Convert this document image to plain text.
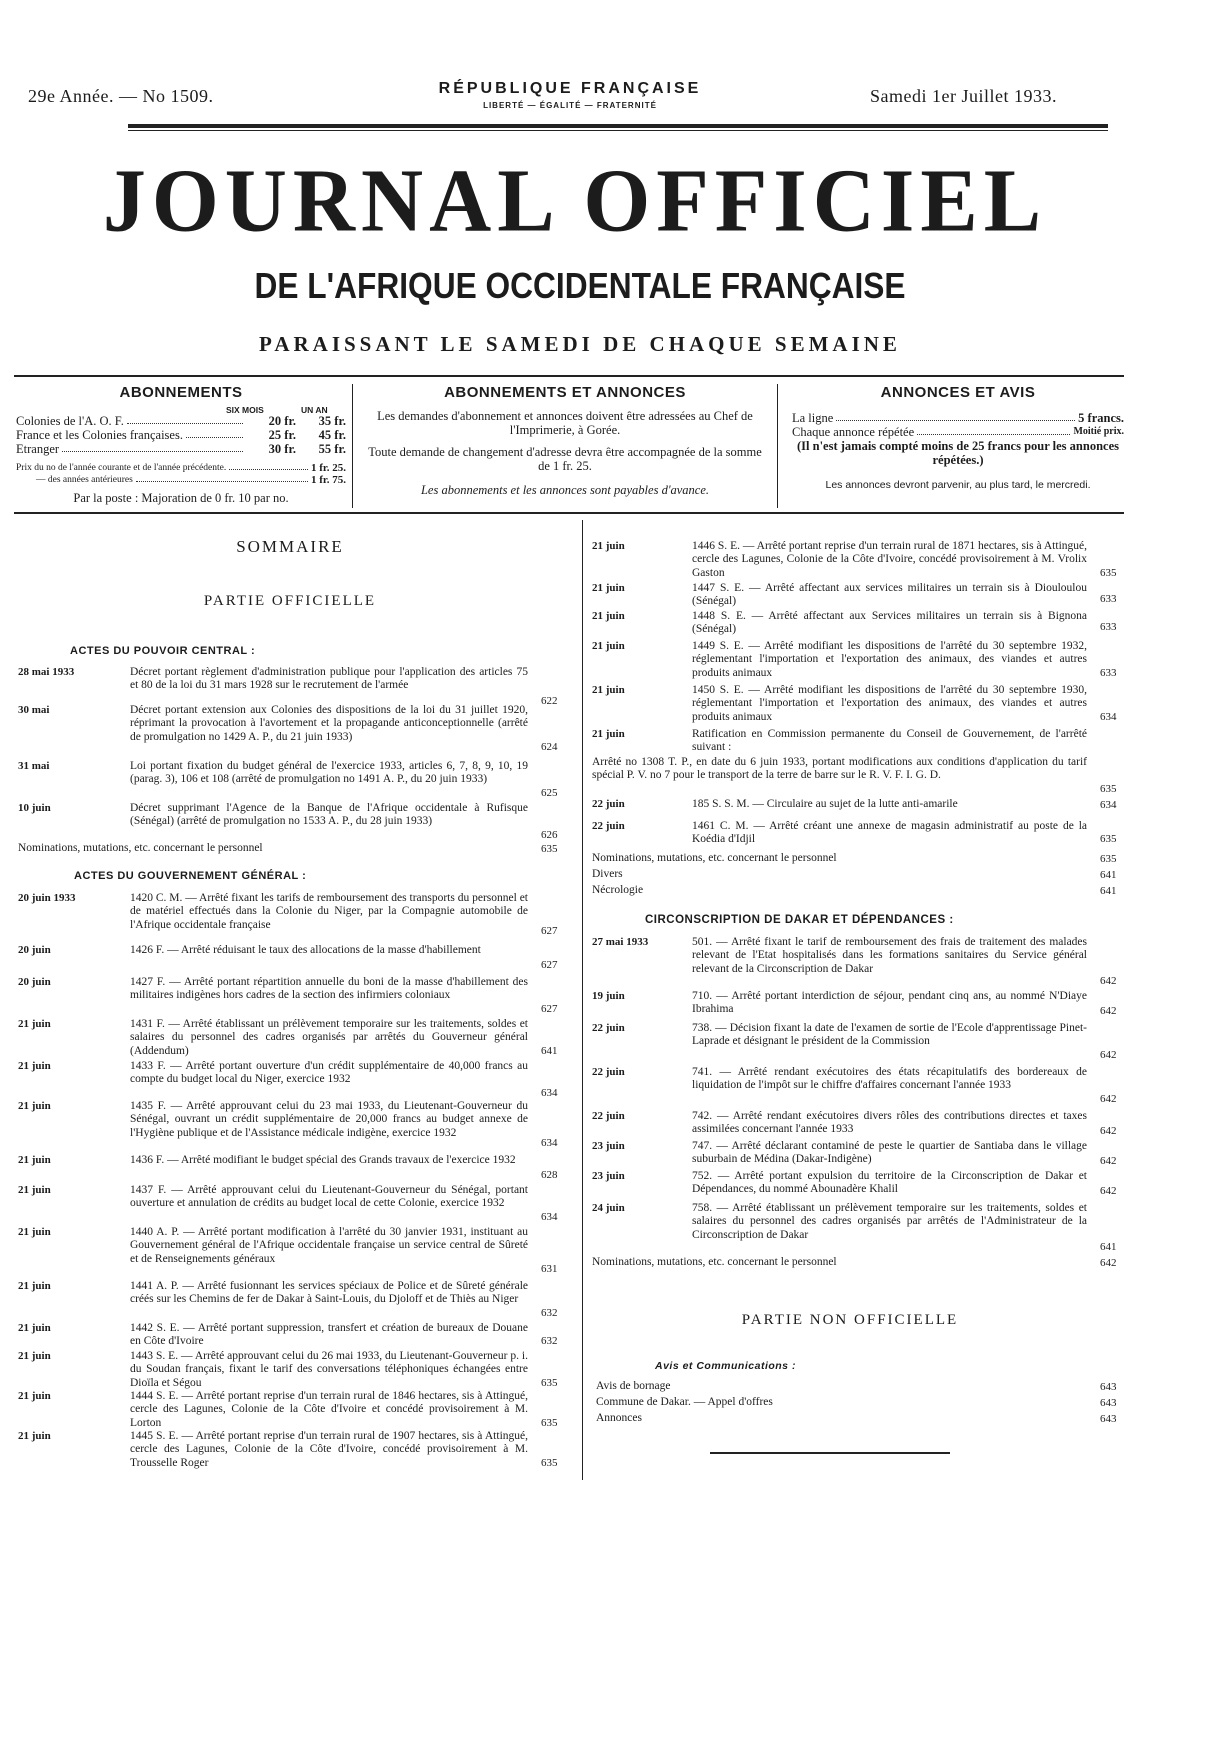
29e Année. — No 1509.	RÉPUBLIQUE FRANÇAISE
LIBERTÉ — ÉGALITÉ — FRATERNITÉ	Samedi 1er Juillet 1933.
JOURNAL OFFICIEL
DE L'AFRIQUE OCCIDENTALE FRANÇAISE
PARAISSANT LE SAMEDI DE CHAQUE SEMAINE
ABONNEMENTS
SIX MOIS	UN AN
Colonies de l'A. O. F.	20 fr.	35 fr.
France et les Colonies françaises.	25 fr.	45 fr.
Etranger	30 fr.	55 fr.
Prix du no de l'année courante et de l'année précédente.	1 fr. 25.
— des années antérieures	1 fr. 75.
Par la poste : Majoration de 0 fr. 10 par no.
ABONNEMENTS ET ANNONCES
Les demandes d'abonnement et annonces doivent être adressées au Chef de l'Imprimerie, à Gorée.
Toute demande de changement d'adresse devra être accompagnée de la somme de 1 fr. 25.
Les abonnements et les annonces sont payables d'avance.
ANNONCES ET AVIS
La ligne	5 francs.
Chaque annonce répétée	Moitié prix.
(Il n'est jamais compté moins de 25 francs pour les annonces répétées.)
Les annonces devront parvenir, au plus tard, le mercredi.
SOMMAIRE
PARTIE OFFICIELLE
ACTES DU POUVOIR CENTRAL :
ACTES DU GOUVERNEMENT GÉNÉRAL :
28 mai 1933	Décret portant règlement d'administration publique pour l'application des articles 75 et 80 de la loi du 31 mars 1928 sur le recrutement de l'armée
622
30 mai	Décret portant extension aux Colonies des dispositions de la loi du 31 juillet 1920, réprimant la provocation à l'avortement et la propagande anticonceptionnelle (arrêté de promulgation no 1429 A. P., du 21 juin 1933)
624
31 mai	Loi portant fixation du budget général de l'exercice 1933, articles 6, 7, 8, 9, 10, 19 (parag. 3), 106 et 108 (arrêté de promulgation no 1491 A. P., du 20 juin 1933)
625
10 juin	Décret supprimant l'Agence de la Banque de l'Afrique occidentale à Rufisque (Sénégal) (arrêté de promulgation no 1533 A. P., du 28 juin 1933)
626
Nominations, mutations, etc. concernant le personnel	635
20 juin 1933	1420 C. M. — Arrêté fixant les tarifs de remboursement des transports du personnel et de matériel effectués dans la Colonie du Niger, par la Compagnie automobile de l'Afrique occidentale française	627
20 juin	1426 F. — Arrêté réduisant le taux des allocations de la masse d'habillement
627
20 juin	1427 F. — Arrêté portant répartition annuelle du boni de la masse d'habillement des militaires indigènes hors cadres de la section des infirmiers coloniaux
627
21 juin	1431 F. — Arrêté établissant un prélèvement temporaire sur les traitements, soldes et salaires du personnel des cadres organisés par arrêtés du Gouverneur général (Addendum)	641
21 juin	1433 F. — Arrêté portant ouverture d'un crédit supplémentaire de 40,000 francs au compte du budget local du Niger, exercice 1932
634
21 juin	1435 F. — Arrêté approuvant celui du 23 mai 1933, du Lieutenant-Gouverneur du Sénégal, ouvrant un crédit supplémentaire de 20,000 francs au budget annexe de l'Hygiène publique et de l'Assistance médicale indigène, exercice 1932
634
21 juin	1436 F. — Arrêté modifiant le budget spécial des Grands travaux de l'exercice 1932
628
21 juin	1437 F. — Arrêté approuvant celui du Lieutenant-Gouverneur du Sénégal, portant ouverture et annulation de crédits au budget local de cette Colonie, exercice 1932
634
21 juin	1440 A. P. — Arrêté portant modification à l'arrêté du 30 janvier 1931, instituant au Gouvernement général de l'Afrique occidentale française un service central de Sûreté et de Renseignements généraux
631
21 juin	1441 A. P. — Arrêté fusionnant les services spéciaux de Police et de Sûreté générale créés sur les Chemins de fer de Dakar à Saint-Louis, du Djoloff et de Thiès au Niger
632
21 juin	1442 S. E. — Arrêté portant suppression, transfert et création de bureaux de Douane en Côte d'Ivoire	632
21 juin	1443 S. E. — Arrêté approuvant celui du 26 mai 1933, du Lieutenant-Gouverneur p. i. du Soudan français, fixant le tarif des conversations téléphoniques échangées entre Dioïla et Ségou	635
21 juin	1444 S. E. — Arrêté portant reprise d'un terrain rural de 1846 hectares, sis à Attingué, cercle des Lagunes, Colonie de la Côte d'Ivoire et concédé provisoirement à M. Lorton	635
21 juin	1445 S. E. — Arrêté portant reprise d'un terrain rural de 1907 hectares, sis à Attingué, cercle des Lagunes, Colonie de la Côte d'Ivoire, concédé provisoirement à M. Trousselle Roger	635
21 juin	1446 S. E. — Arrêté portant reprise d'un terrain rural de 1871 hectares, sis à Attingué, cercle des Lagunes, Colonie de la Côte d'Ivoire, concédé provisoirement à M. Vrolix Gaston	635
21 juin	1447 S. E. — Arrêté affectant aux services militaires un terrain sis à Diouloulou (Sénégal)	633
21 juin	1448 S. E. — Arrêté affectant aux Services militaires un terrain sis à Bignona (Sénégal)	633
21 juin	1449 S. E. — Arrêté modifiant les dispositions de l'arrêté du 30 septembre 1932, réglementant l'importation et l'exportation des animaux, des viandes et autres produits animaux	633
21 juin	1450 S. E. — Arrêté modifiant les dispositions de l'arrêté du 30 septembre 1930, réglementant l'importation et l'exportation des animaux, des viandes et autres produits animaux	634
21 juin	Ratification en Commission permanente du Conseil de Gouvernement, de l'arrêté suivant :
Arrêté no 1308 T. P., en date du 6 juin 1933, portant modifications aux conditions d'application du tarif spécial P. V. no 7 pour le transport de la terre de barre sur le R. V. F. I. G. D.
635
22 juin	185 S. S. M. — Circulaire au sujet de la lutte anti-amarile	634
22 juin	1461 C. M. — Arrêté créant une annexe de magasin administratif au poste de la Koédia d'Idjil	635
Nominations, mutations, etc. concernant le personnel	635
Divers	641
Nécrologie	641
CIRCONSCRIPTION DE DAKAR ET DÉPENDANCES :
27 mai 1933	501. — Arrêté fixant le tarif de remboursement des frais de traitement des malades relevant de l'Etat hospitalisés dans les formations sanitaires du Service général relevant de la Circonscription de Dakar
642
19 juin	710. — Arrêté portant interdiction de séjour, pendant cinq ans, au nommé N'Diaye Ibrahima	642
22 juin	738. — Décision fixant la date de l'examen de sortie de l'Ecole d'apprentissage Pinet-Laprade et désignant le président de la Commission
642
22 juin	741. — Arrêté rendant exécutoires des états récapitulatifs des bordereaux de liquidation de l'impôt sur le chiffre d'affaires concernant l'année 1933
642
22 juin	742. — Arrêté rendant exécutoires divers rôles des contributions directes et taxes assimilées concernant l'année 1933	642
23 juin	747. — Arrêté déclarant contaminé de peste le quartier de Santiaba dans le village suburbain de Médina (Dakar-Indigène)	642
23 juin	752. — Arrêté portant expulsion du territoire de la Circonscription de Dakar et Dépendances, du nommé Abounadère Khalil	642
24 juin	758. — Arrêté établissant un prélèvement temporaire sur les traitements, soldes et salaires du personnel des cadres organisés par arrêtés de l'Administrateur de la Circonscription de Dakar
641
Nominations, mutations, etc. concernant le personnel	642
PARTIE NON OFFICIELLE
Avis et Communications :
Avis de bornage	643
Commune de Dakar. — Appel d'offres	643
Annonces	643
